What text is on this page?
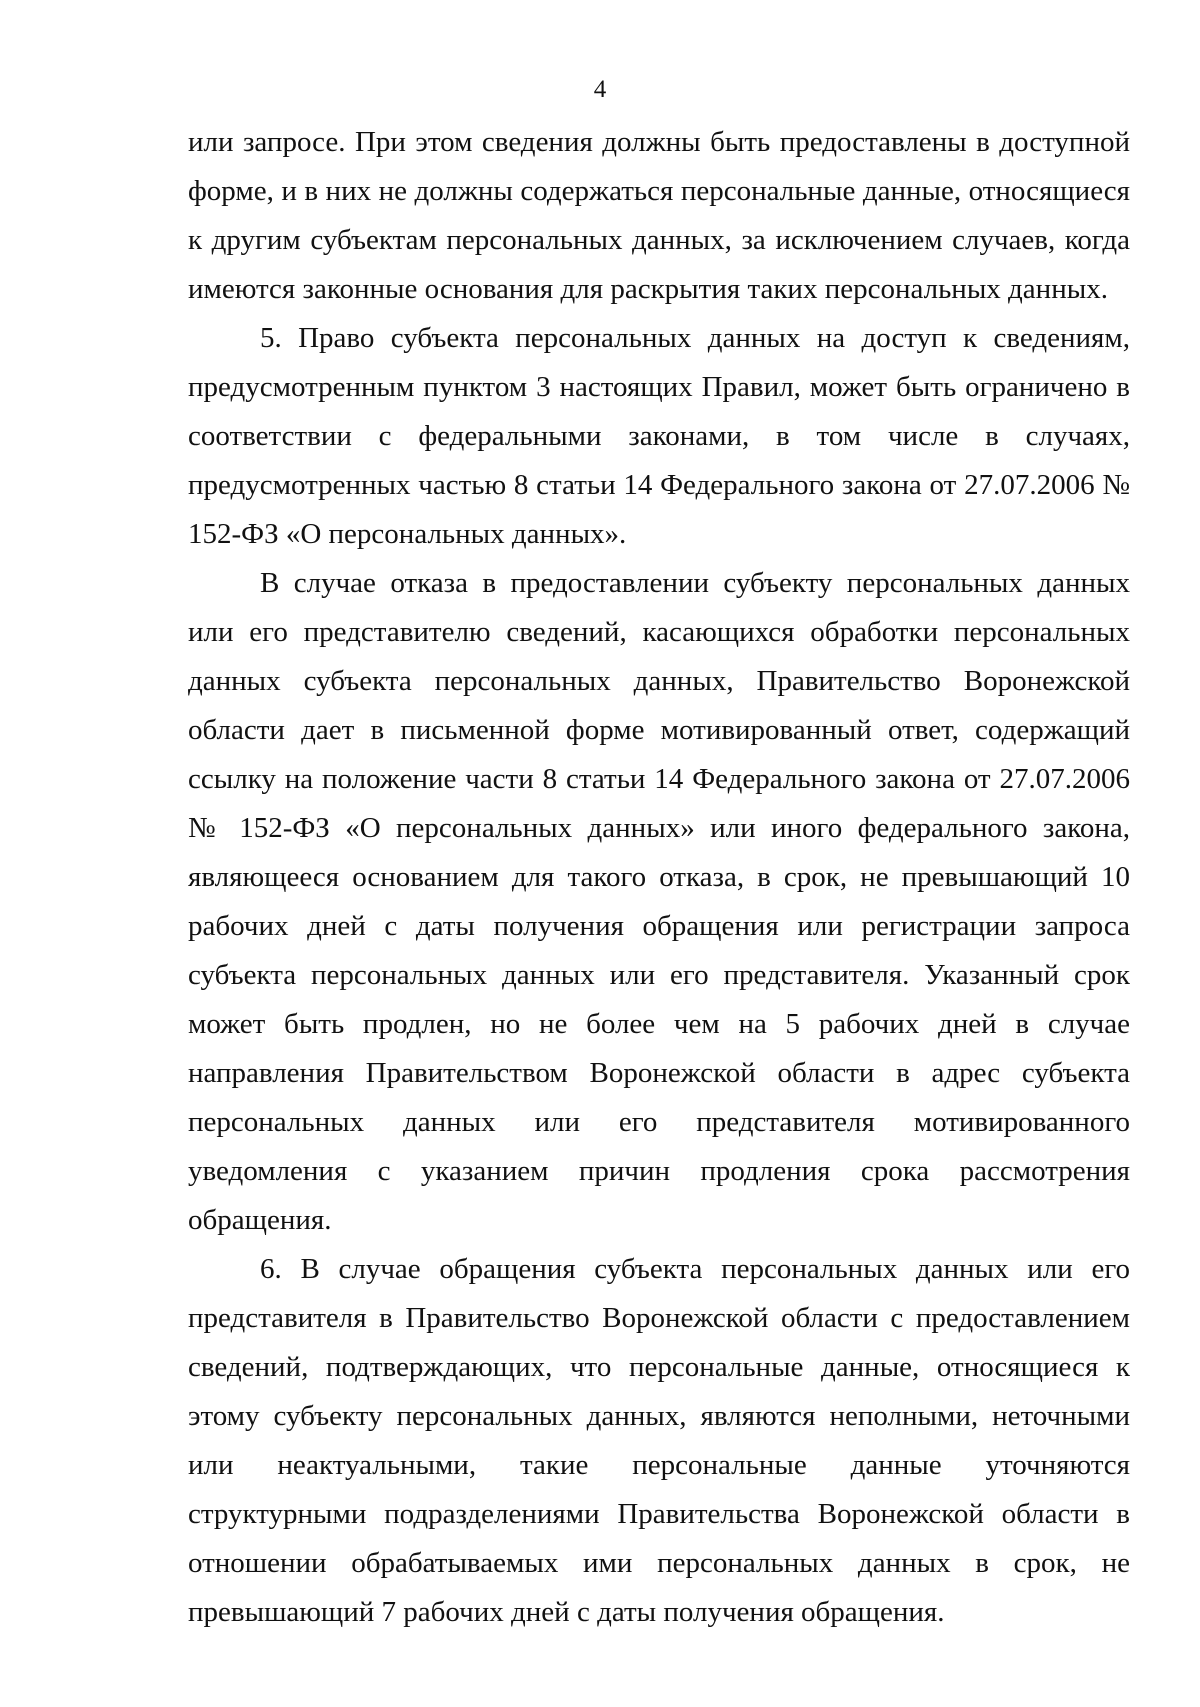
4

или запросе. При этом сведения должны быть предоставлены в доступной форме, и в них не должны содержаться персональные данные, относящиеся к другим субъектам персональных данных, за исключением случаев, когда имеются законные основания для раскрытия таких персональных данных.

5. Право субъекта персональных данных на доступ к сведениям, предусмотренным пунктом 3 настоящих Правил, может быть ограничено в соответствии с федеральными законами, в том числе в случаях, предусмотренных частью 8 статьи 14 Федерального закона от 27.07.2006 № 152-ФЗ «О персональных данных».

В случае отказа в предоставлении субъекту персональных данных или его представителю сведений, касающихся обработки персональных данных субъекта персональных данных, Правительство Воронежской области дает в письменной форме мотивированный ответ, содержащий ссылку на положение части 8 статьи 14 Федерального закона от 27.07.2006 № 152-ФЗ «О персональных данных» или иного федерального закона, являющееся основанием для такого отказа, в срок, не превышающий 10 рабочих дней с даты получения обращения или регистрации запроса субъекта персональных данных или его представителя. Указанный срок может быть продлен, но не более чем на 5 рабочих дней в случае направления Правительством Воронежской области в адрес субъекта персональных данных или его представителя мотивированного уведомления с указанием причин продления срока рассмотрения обращения.

6. В случае обращения субъекта персональных данных или его представителя в Правительство Воронежской области с предоставлением сведений, подтверждающих, что персональные данные, относящиеся к этому субъекту персональных данных, являются неполными, неточными или неактуальными, такие персональные данные уточняются структурными подразделениями Правительства Воронежской области в отношении обрабатываемых ими персональных данных в срок, не превышающий 7 рабочих дней с даты получения обращения.
